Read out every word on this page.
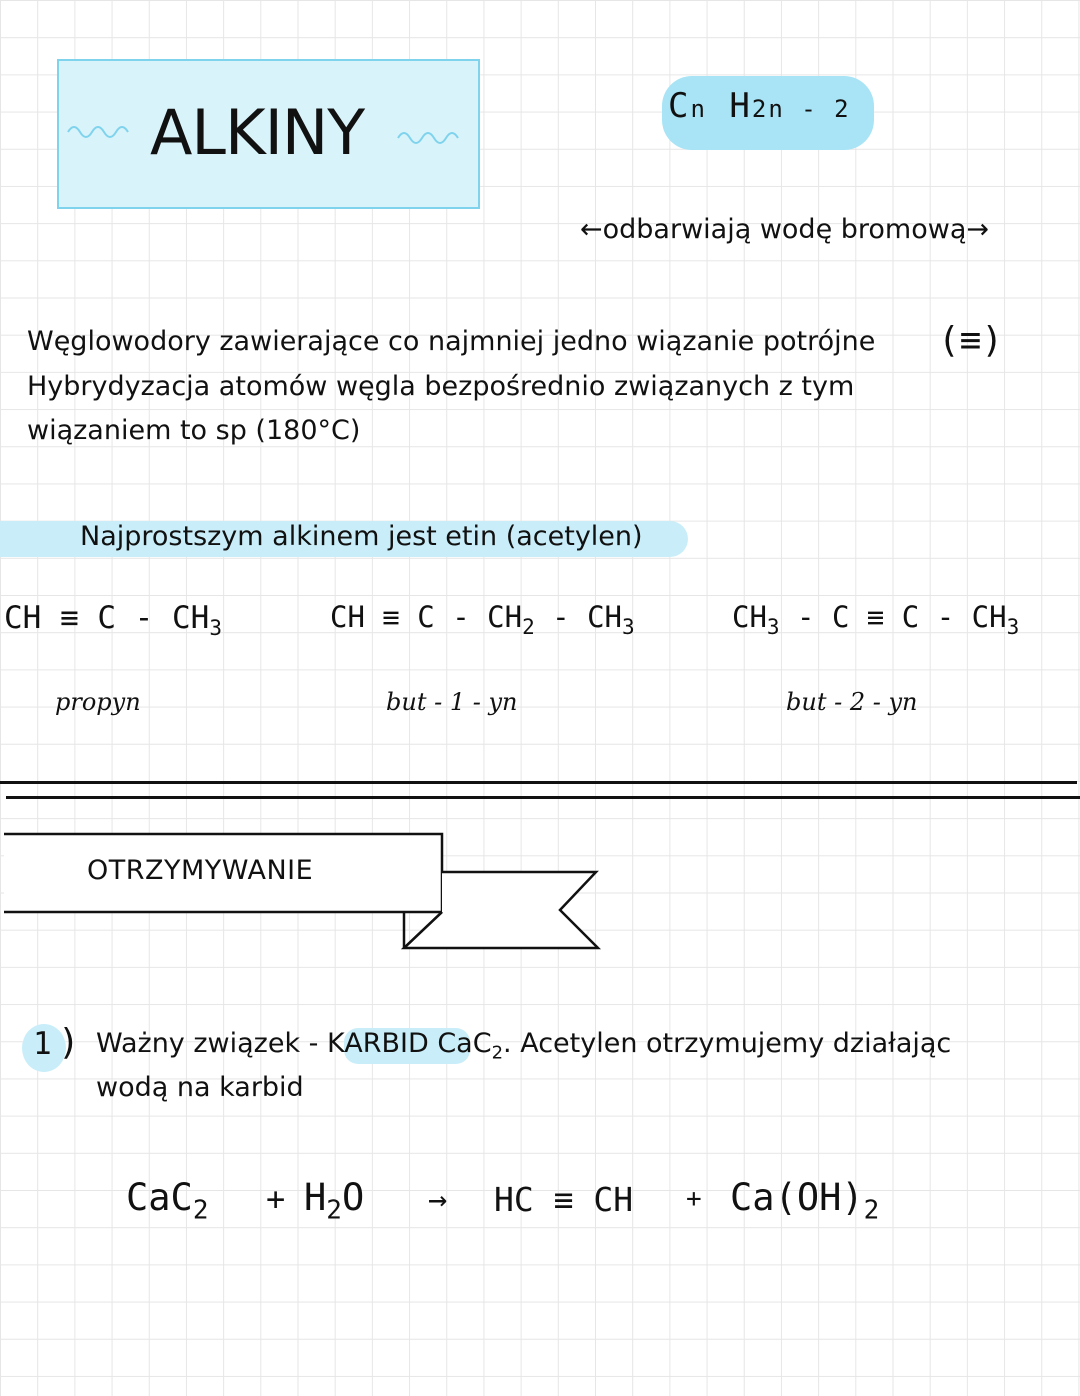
ALKINY	Cn H2n - 2
←odbarwiają wodę bromową→
Węglowodory zawierające co najmniej jedno wiązanie potrójne (≡)
Hybrydyzacja atomów węgla bezpośrednio związanych z tym
wiązaniem to sp (180°C)
Najprostszym alkinem jest etin (acetylen)
CH ≡ C - $CH_3$
propyn
CH ≡ C - $CH_2 - CH_3$
but - 1 - yn
$CH_3 - C \equiv C - CH_3$
but - 2 - yn
OTRZYMYWANIE
1 ) Ważny związek - KARBID CaC$_2$. Acetylen otrzymujemy działając
wodą na karbid
$CaC_2 + H_2O$ → HC ≡ CH + $Ca(OH)_2$
